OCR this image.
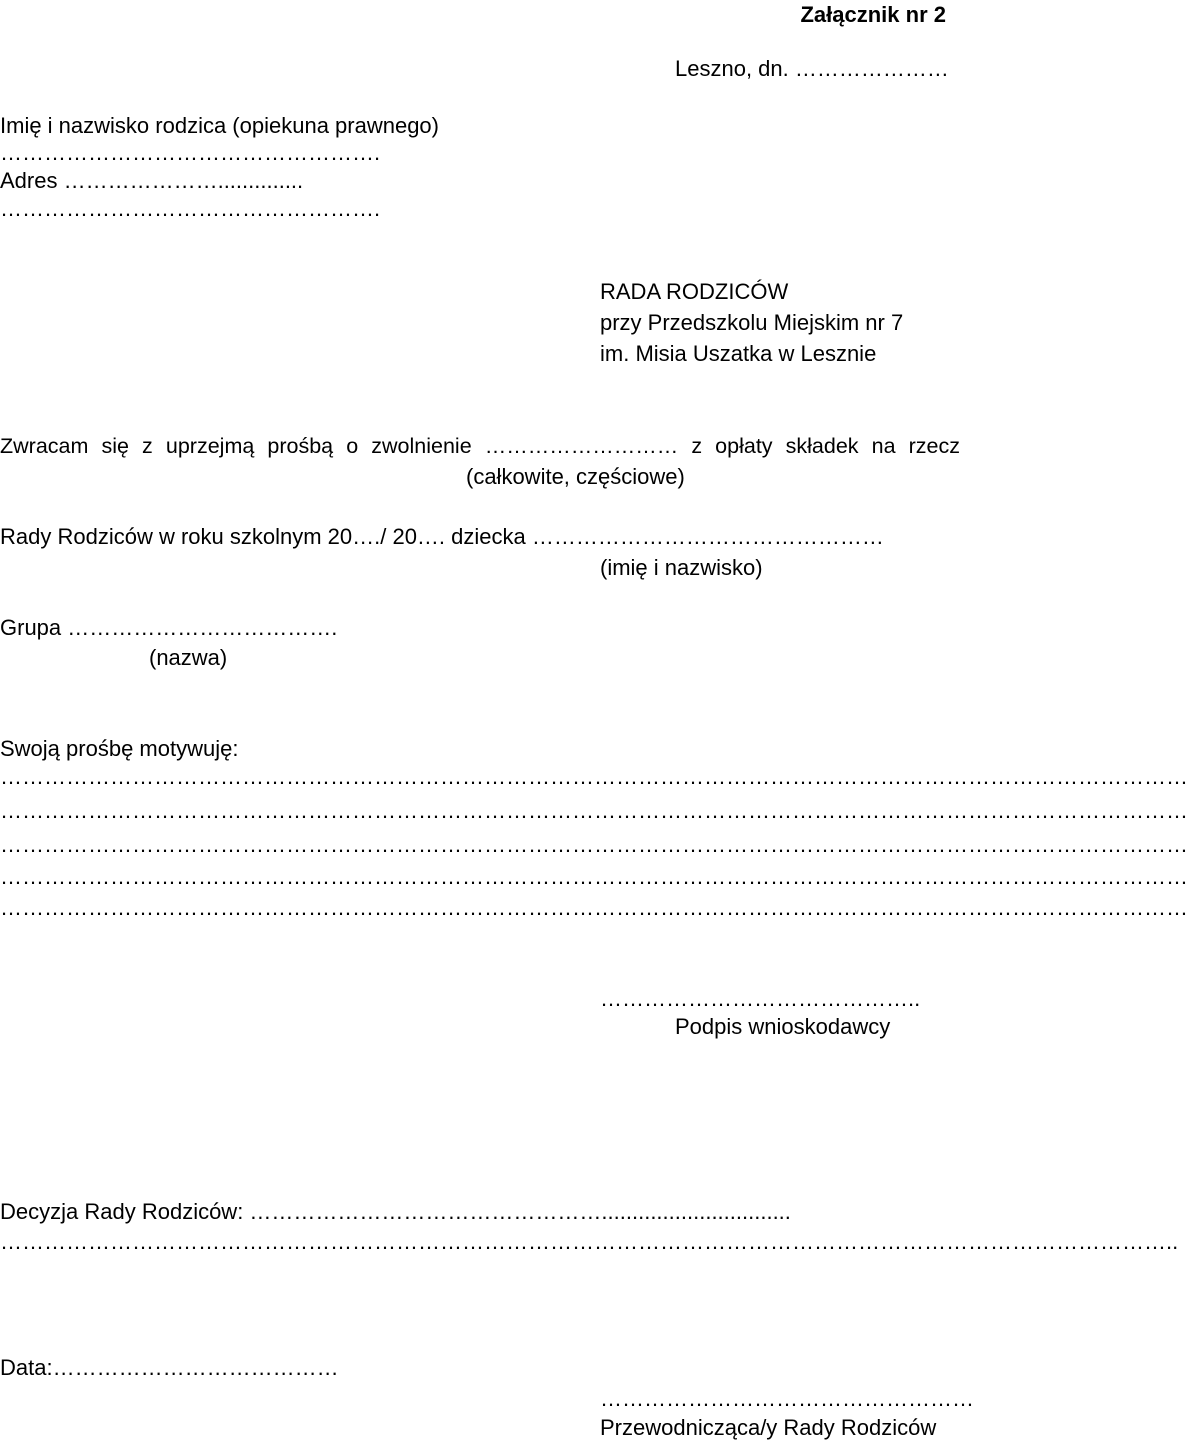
Załącznik nr 2
Leszno, dn. …………………
Imię i nazwisko rodzica (opiekuna prawnego)
…………………………………………….
Adres …………………..............
…………………………………………….
RADA RODZICÓW
przy Przedszkolu Miejskim nr 7
im. Misia Uszatka w Lesznie
Zwracam się z uprzejmą prośbą o zwolnienie ……………………… z opłaty składek na rzecz
(całkowite, częściowe)
Rady Rodziców w roku szkolnym 20…./ 20…. dziecka …………………………………………
(imię i nazwisko)
Grupa ……………………………….
(nazwa)
Swoją prośbę motywuję:
………………………………………………………………………………………………………………………………………………
………………………………………………………………………………………………………………………………………………
………………………………………………………………………………………………………………………………………………
………………………………………………………………………………………………………………………………………………
………………………………………………………………………………………………………………………………………………
……………………………………..
Podpis wnioskodawcy
Decyzja Rady Rodziców: …………………………………………...............................
……………………………………………………………………………………………………………………………………………..
Data:…………………………………
……………………………………………
Przewodnicząca/y Rady Rodziców
